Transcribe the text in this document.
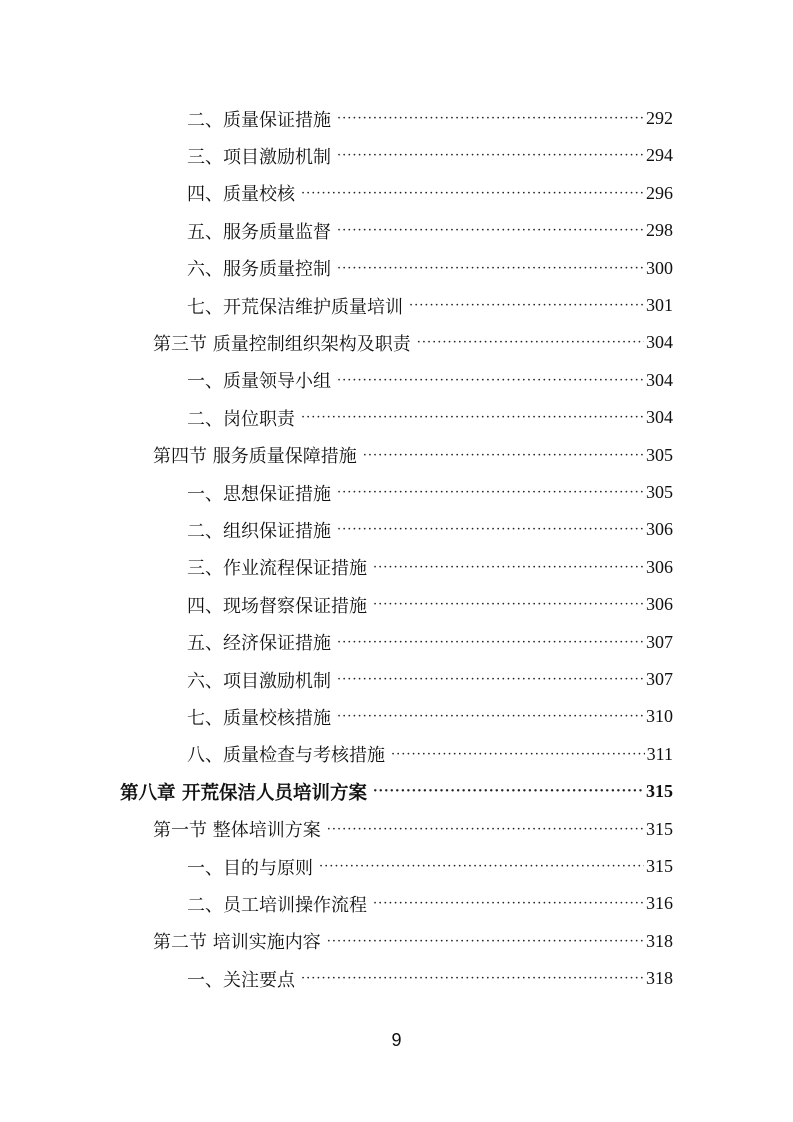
二、质量保证措施 ·····	292
三、项目激励机制 ·····	294
四、质量校核 ·····	296
五、服务质量监督 ·····	298
六、服务质量控制 ·····	300
七、开荒保洁维护质量培训 ·····	301
第三节 质量控制组织架构及职责 ·····	304
一、质量领导小组 ·····	304
二、岗位职责 ·····	304
第四节 服务质量保障措施 ·····	305
一、思想保证措施 ·····	305
二、组织保证措施 ·····	306
三、作业流程保证措施 ·····	306
四、现场督察保证措施 ·····	306
五、经济保证措施 ·····	307
六、项目激励机制 ·····	307
七、质量校核措施 ·····	310
八、质量检查与考核措施 ·····	311
第八章 开荒保洁人员培训方案 ·····	315
第一节 整体培训方案 ·····	315
一、目的与原则 ·····	315
二、员工培训操作流程 ·····	316
第二节 培训实施内容 ·····	318
一、关注要点 ·····	318
9
